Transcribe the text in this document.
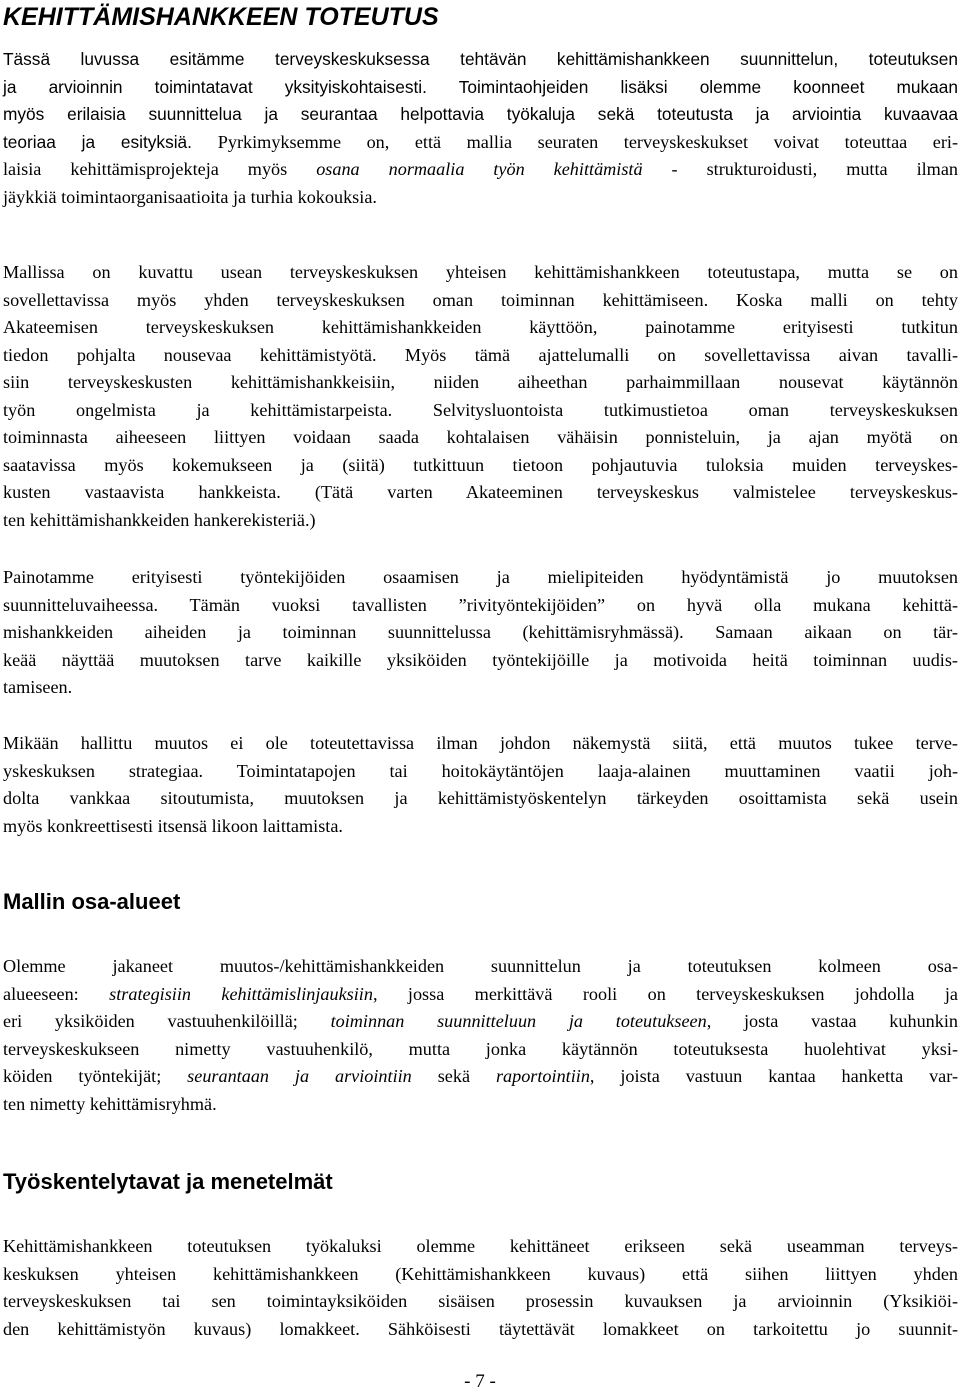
KEHITTÄMISHANKKEEN TOTEUTUS
Tässä luvussa esitämme terveyskeskuksessa tehtävän kehittämishankkeen suunnittelun, toteutuksen
ja arvioinnin toimintatavat yksityiskohtaisesti. Toimintaohjeiden lisäksi olemme koonneet mukaan
myös erilaisia suunnittelua ja seurantaa helpottavia työkaluja sekä toteutusta ja arviointia kuvaavaa
teoriaa ja esityksiä. Pyrkimyksemme on, että mallia seuraten terveyskeskukset voivat toteuttaa eri-
laisia kehittämisprojekteja myös osana normaalia työn kehittämistä - strukturoidusti, mutta ilman
jäykkiä toimintaorganisaatioita ja turhia kokouksia.
Mallissa on kuvattu usean terveyskeskuksen yhteisen kehittämishankkeen toteutustapa, mutta se on
sovellettavissa myös yhden terveyskeskuksen oman toiminnan kehittämiseen. Koska malli on tehty
Akateemisen terveyskeskuksen kehittämishankkeiden käyttöön, painotamme erityisesti tutkitun
tiedon pohjalta nousevaa kehittämistyötä. Myös tämä ajattelumalli on sovellettavissa aivan tavalli-
siin terveyskeskusten kehittämishankkeisiin, niiden aiheethan parhaimmillaan nousevat käytännön
työn ongelmista ja kehittämistarpeista. Selvitysluontoista tutkimustietoa oman terveyskeskuksen
toiminnasta aiheeseen liittyen voidaan saada kohtalaisen vähäisin ponnisteluin, ja ajan myötä on
saatavissa myös kokemukseen ja (siitä) tutkittuun tietoon pohjautuvia tuloksia muiden terveyskes-
kusten vastaavista hankkeista. (Tätä varten Akateeminen terveyskeskus valmistelee terveyskeskus-
ten kehittämishankkeiden hankerekisteriä.)
Painotamme erityisesti työntekijöiden osaamisen ja mielipiteiden hyödyntämistä jo muutoksen
suunnitteluvaiheessa. Tämän vuoksi tavallisten ”rivityöntekijöiden” on hyvä olla mukana kehittä-
mishankkeiden aiheiden ja toiminnan suunnittelussa (kehittämisryhmässä). Samaan aikaan on tär-
keää näyttää muutoksen tarve kaikille yksiköiden työntekijöille ja motivoida heitä toiminnan uudis-
tamiseen.
Mikään hallittu muutos ei ole toteutettavissa ilman johdon näkemystä siitä, että muutos tukee terve-
yskeskuksen strategiaa. Toimintatapojen tai hoitokäytäntöjen laaja-alainen muuttaminen vaatii joh-
dolta vankkaa sitoutumista, muutoksen ja kehittämistyöskentelyn tärkeyden osoittamista sekä usein
myös konkreettisesti itsensä likoon laittamista.
Mallin osa-alueet
Olemme jakaneet muutos-/kehittämishankkeiden suunnittelun ja toteutuksen kolmeen osa-
alueeseen: strategisiin kehittämislinjauksiin, jossa merkittävä rooli on terveyskeskuksen johdolla ja
eri yksiköiden vastuuhenkilöillä; toiminnan suunnitteluun ja toteutukseen, josta vastaa kuhunkin
terveyskeskukseen nimetty vastuuhenkilö, mutta jonka käytännön toteutuksesta huolehtivat yksi-
köiden työntekijät; seurantaan ja arviointiin sekä raportointiin, joista vastuun kantaa hanketta var-
ten nimetty kehittämisryhmä.
Työskentelytavat ja menetelmät
Kehittämishankkeen toteutuksen työkaluksi olemme kehittäneet erikseen sekä useamman terveys-
keskuksen yhteisen kehittämishankkeen (Kehittämishankkeen kuvaus) että siihen liittyen yhden
terveyskeskuksen tai sen toimintayksiköiden sisäisen prosessin kuvauksen ja arvioinnin (Yksikiöi-
den kehittämistyön kuvaus) lomakkeet. Sähköisesti täytettävät lomakkeet on tarkoitettu jo suunnit-
- 7 -
